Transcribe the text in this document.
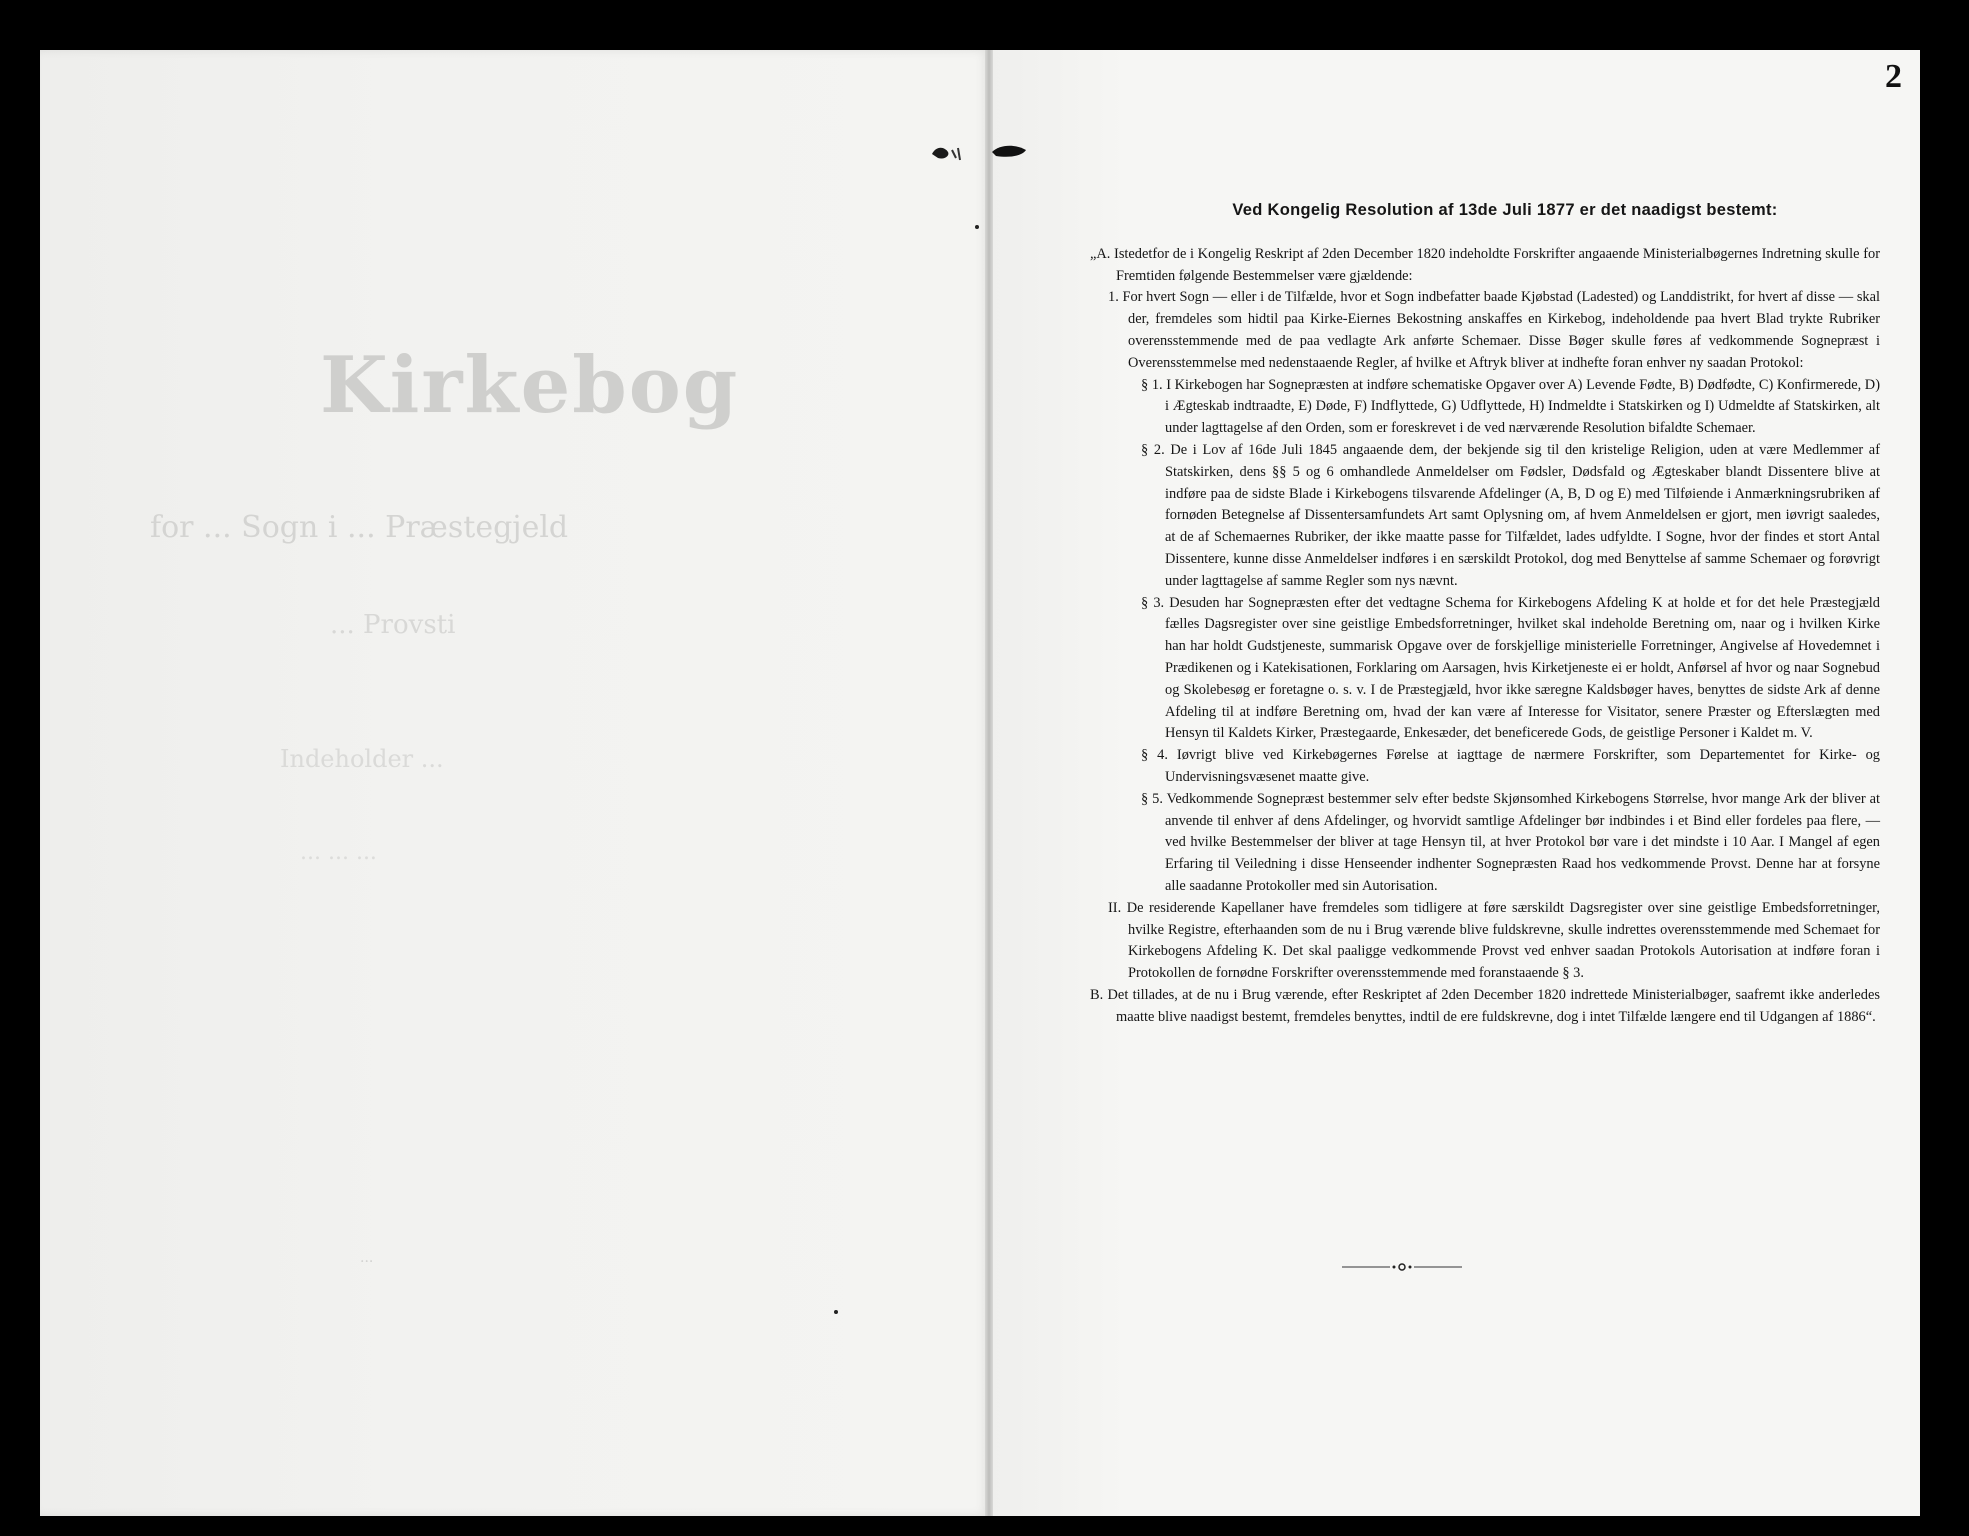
2
Kirkebog
for ... Sogn i ... Præstegjeld
... Provsti
Indeholder ...
... ... ...
...
Ved Kongelig Resolution af 13de Juli 1877 er det naadigst bestemt:

„A. Istedetfor de i Kongelig Reskript af 2den December 1820 indeholdte Forskrifter angaaende Ministerialbøgernes Indretning skulle for Fremtiden følgende Bestemmelser være gjældende:

1. For hvert Sogn — eller i de Tilfælde, hvor et Sogn indbefatter baade Kjøbstad (Ladested) og Landdistrikt, for hvert af disse — skal der, fremdeles som hidtil paa Kirke-Eiernes Bekostning anskaffes en Kirkebog, indeholdende paa hvert Blad trykte Rubriker overensstemmende med de paa vedlagte Ark anførte Schemaer. Disse Bøger skulle føres af vedkommende Sognepræst i Overensstemmelse med nedenstaaende Regler, af hvilke et Aftryk bliver at indhefte foran enhver ny saadan Protokol:

§ 1. I Kirkebogen har Sognepræsten at indføre schematiske Opgaver over A) Levende Fødte, B) Dødfødte, C) Konfirmerede, D) i Ægteskab indtraadte, E) Døde, F) Indflyttede, G) Udflyttede, H) Indmeldte i Statskirken og I) Udmeldte af Statskirken, alt under lagttagelse af den Orden, som er foreskrevet i de ved nærværende Resolution bifaldte Schemaer.

§ 2. De i Lov af 16de Juli 1845 angaaende dem, der bekjende sig til den kristelige Religion, uden at være Medlemmer af Statskirken, dens §§ 5 og 6 omhandlede Anmeldelser om Fødsler, Dødsfald og Ægteskaber blandt Dissentere blive at indføre paa de sidste Blade i Kirkebogens tilsvarende Afdelinger (A, B, D og E) med Tilføiende i Anmærkningsrubriken af fornøden Betegnelse af Dissentersamfundets Art samt Oplysning om, af hvem Anmeldelsen er gjort, men iøvrigt saaledes, at de af Schemaernes Rubriker, der ikke maatte passe for Tilfældet, lades udfyldte. I Sogne, hvor der findes et stort Antal Dissentere, kunne disse Anmeldelser indføres i en særskildt Protokol, dog med Benyttelse af samme Schemaer og forøvrigt under lagttagelse af samme Regler som nys nævnt.

§ 3. Desuden har Sognepræsten efter det vedtagne Schema for Kirkebogens Afdeling K at holde et for det hele Præstegjæld fælles Dagsregister over sine geistlige Embedsforretninger, hvilket skal indeholde Beretning om, naar og i hvilken Kirke han har holdt Gudstjeneste, summarisk Opgave over de forskjellige ministerielle Forretninger, Angivelse af Hovedemnet i Prædikenen og i Katekisationen, Forklaring om Aarsagen, hvis Kirketjeneste ei er holdt, Anførsel af hvor og naar Sognebud og Skolebesøg er foretagne o. s. v. I de Præstegjæld, hvor ikke særegne Kaldsbøger haves, benyttes de sidste Ark af denne Afdeling til at indføre Beretning om, hvad der kan være af Interesse for Visitator, senere Præster og Efterslægten med Hensyn til Kaldets Kirker, Præstegaarde, Enkesæder, det beneficerede Gods, de geistlige Personer i Kaldet m. V.

§ 4. Iøvrigt blive ved Kirkebøgernes Førelse at iagttage de nærmere Forskrifter, som Departementet for Kirke- og Undervisningsvæsenet maatte give.

§ 5. Vedkommende Sognepræst bestemmer selv efter bedste Skjønsomhed Kirkebogens Størrelse, hvor mange Ark der bliver at anvende til enhver af dens Afdelinger, og hvorvidt samtlige Afdelinger bør indbindes i et Bind eller fordeles paa flere, — ved hvilke Bestemmelser der bliver at tage Hensyn til, at hver Protokol bør vare i det mindste i 10 Aar. I Mangel af egen Erfaring til Veiledning i disse Henseender indhenter Sognepræsten Raad hos vedkommende Provst. Denne har at forsyne alle saadanne Protokoller med sin Autorisation.

II. De residerende Kapellaner have fremdeles som tidligere at føre særskildt Dagsregister over sine geistlige Embedsforretninger, hvilke Registre, efterhaanden som de nu i Brug værende blive fuldskrevne, skulle indrettes overensstemmende med Schemaet for Kirkebogens Afdeling K. Det skal paaligge vedkommende Provst ved enhver saadan Protokols Autorisation at indføre foran i Protokollen de fornødne Forskrifter overensstemmende med foranstaaende § 3.

B. Det tillades, at de nu i Brug værende, efter Reskriptet af 2den December 1820 indrettede Ministerialbøger, saafremt ikke anderledes maatte blive naadigst bestemt, fremdeles benyttes, indtil de ere fuldskrevne, dog i intet Tilfælde længere end til Udgangen af 1886“.
